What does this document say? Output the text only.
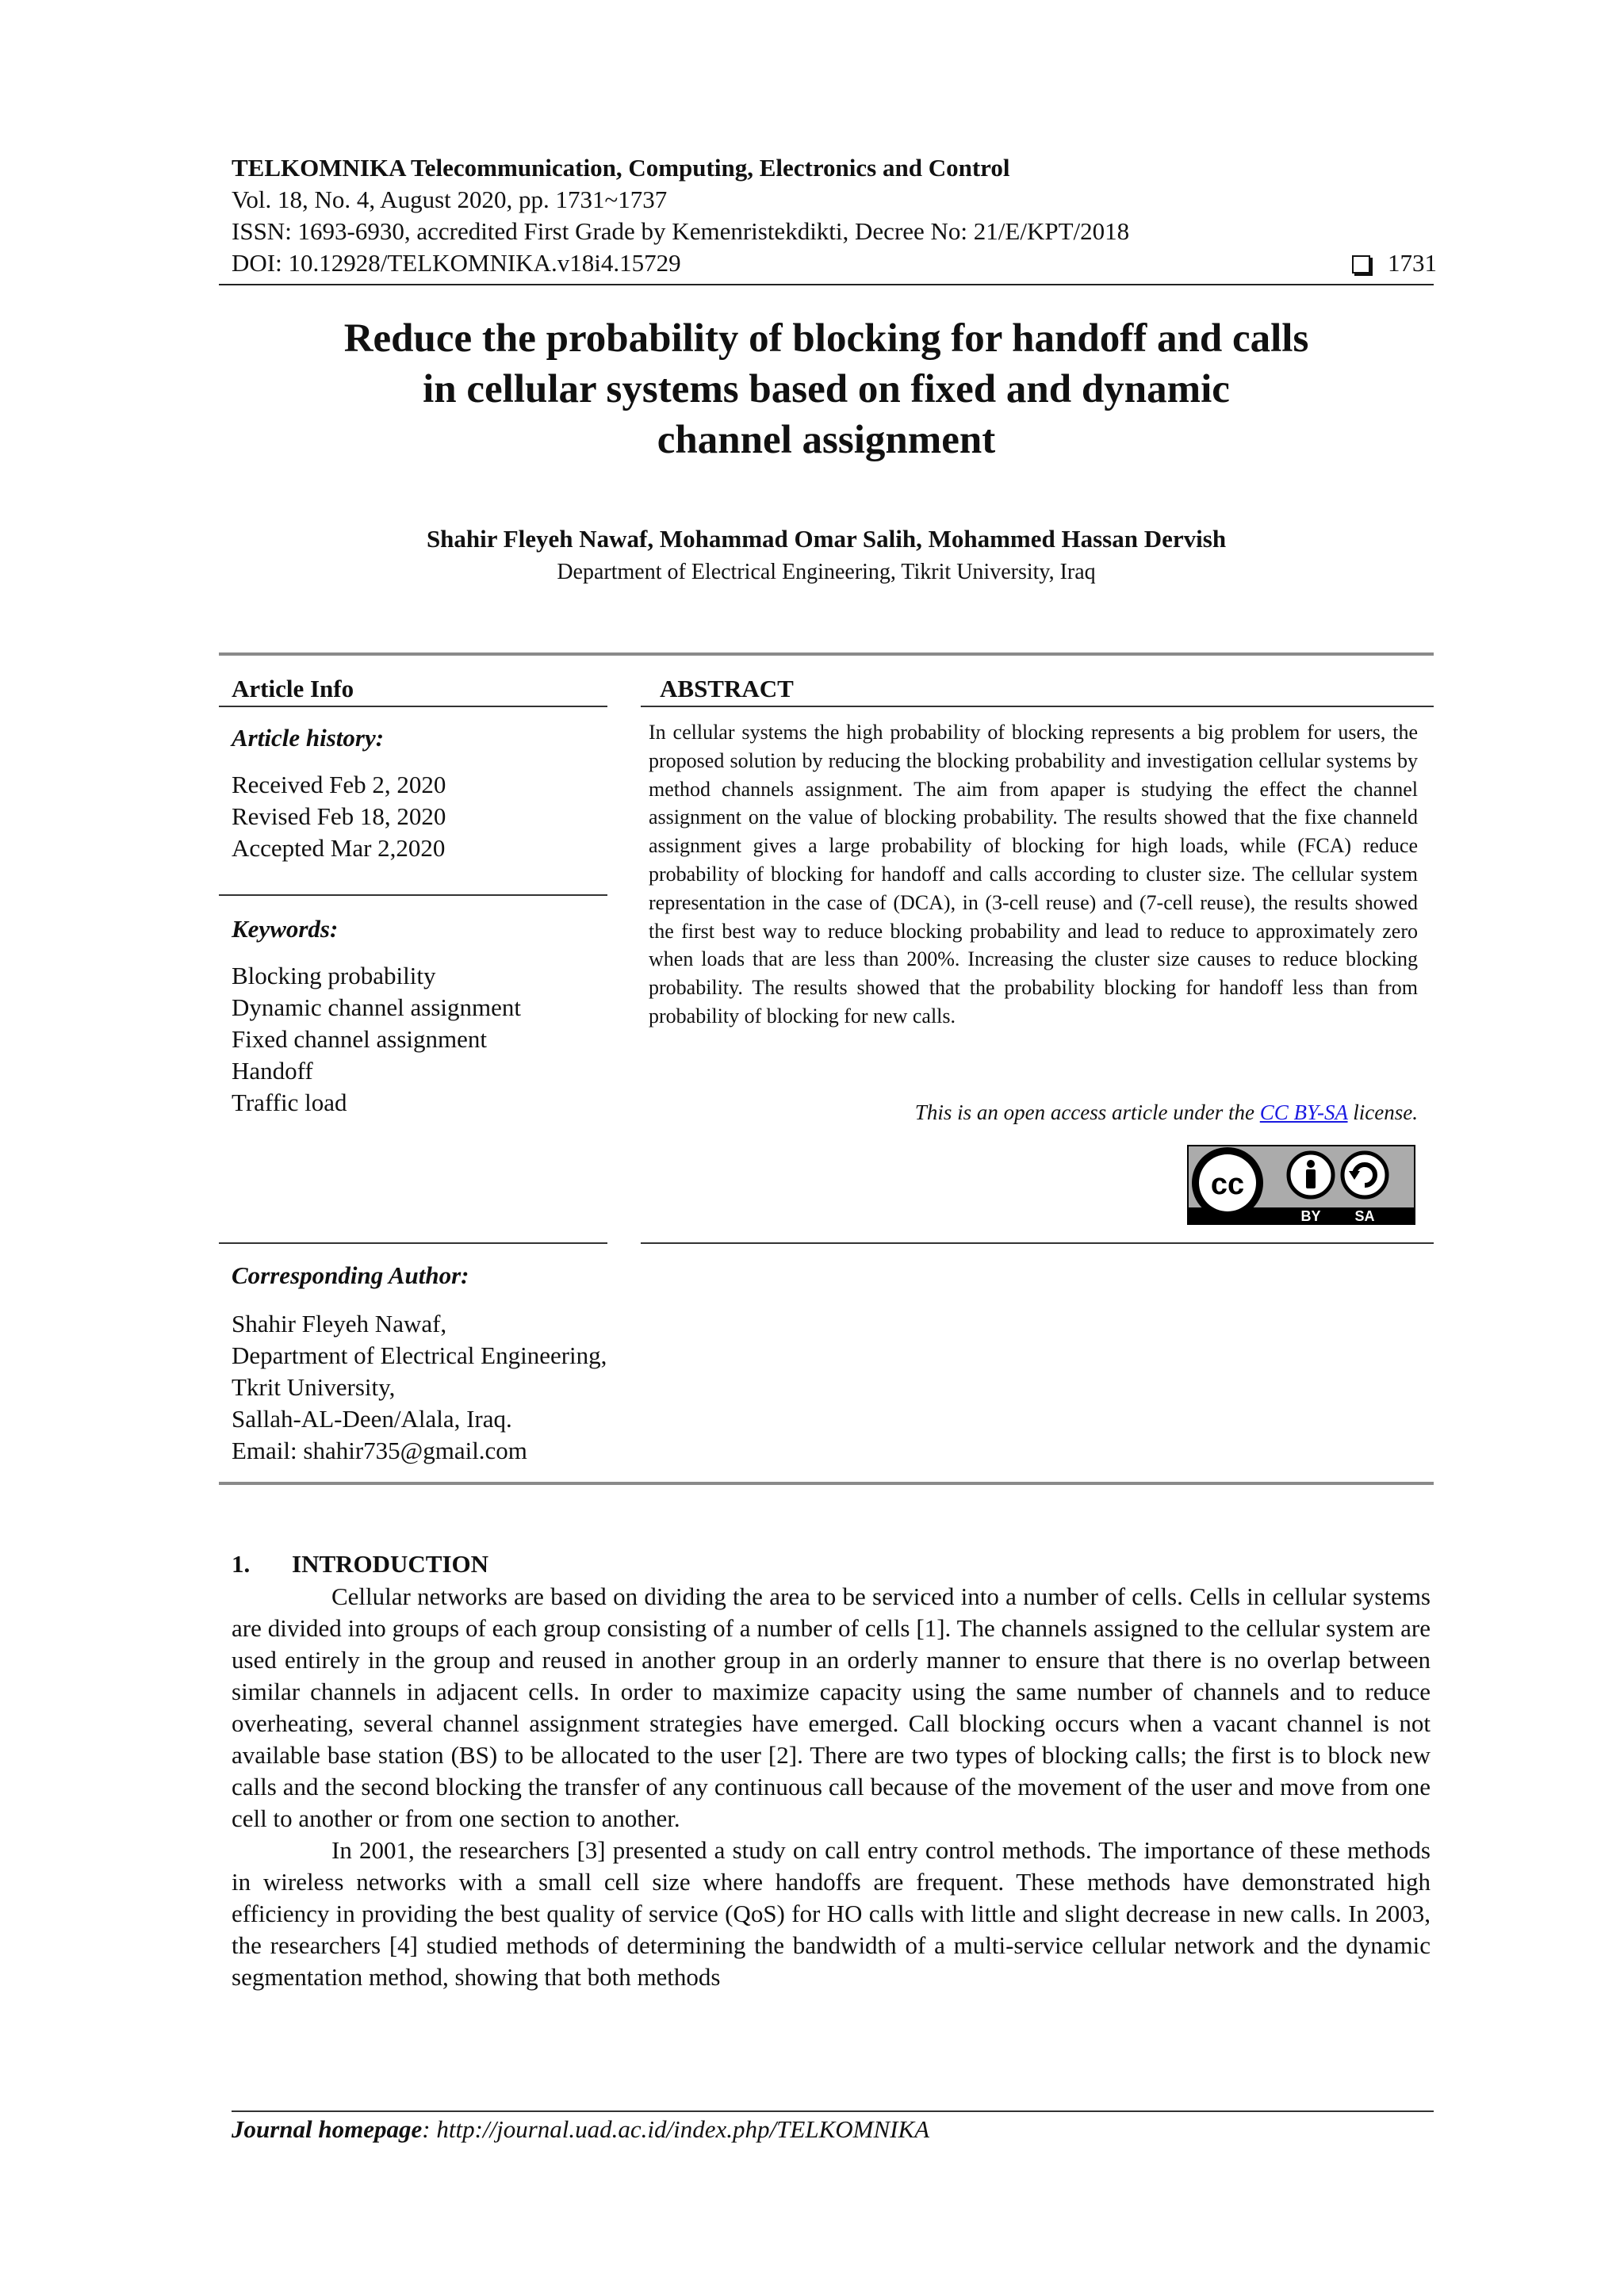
TELKOMNIKA Telecommunication, Computing, Electronics and Control
Vol. 18, No. 4, August 2020, pp. 1731~1737
ISSN: 1693-6930, accredited First Grade by Kemenristekdikti, Decree No: 21/E/KPT/2018
DOI: 10.12928/TELKOMNIKA.v18i4.15729	1731
Reduce the probability of blocking for handoff and calls
in cellular systems based on fixed and dynamic
channel assignment
Shahir Fleyeh Nawaf, Mohammad Omar Salih, Mohammed Hassan Dervish
Department of Electrical Engineering, Tikrit University, Iraq
Article Info	ABSTRACT
Article history:
Received Feb 2, 2020
Revised Feb 18, 2020
Accepted Mar 2,2020
Keywords:
Blocking probability
Dynamic channel assignment
Fixed channel assignment
Handoff
Traffic load
In cellular systems the high probability of blocking represents a big problem for users, the proposed solution by reducing the blocking probability and investigation cellular systems by method channels assignment. The aim from apaper is studying the effect the channel assignment on the value of blocking probability. The results showed that the fixe channeld assignment gives a large probability of blocking for high loads, while (FCA) reduce probability of blocking for handoff and calls according to cluster size. The cellular system representation in the case of (DCA), in (3-cell reuse) and (7-cell reuse), the results showed the first best way to reduce blocking probability and lead to reduce to approximately zero when loads that are less than 200%. Increasing the cluster size causes to reduce blocking probability. The results showed that the probability blocking for handoff less than from probability of blocking for new calls.
This is an open access article under the CC BY-SA license.
cc
BY SA
Corresponding Author:
Shahir Fleyeh Nawaf,
Department of Electrical Engineering,
Tkrit University,
Sallah-AL-Deen/Alala, Iraq.
Email: shahir735@gmail.com
1. INTRODUCTION

Cellular networks are based on dividing the area to be serviced into a number of cells. Cells in cellular systems are divided into groups of each group consisting of a number of cells [1]. The channels assigned to the cellular system are used entirely in the group and reused in another group in an orderly manner to ensure that there is no overlap between similar channels in adjacent cells. In order to maximize capacity using the same number of channels and to reduce overheating, several channel assignment strategies have emerged. Call blocking occurs when a vacant channel is not available base station (BS) to be allocated to the user [2]. There are two types of blocking calls; the first is to block new calls and the second blocking the transfer of any continuous call because of the movement of the user and move from one cell to another or from one section to another.

In 2001, the researchers [3] presented a study on call entry control methods. The importance of these methods in wireless networks with a small cell size where handoffs are frequent. These methods have demonstrated high efficiency in providing the best quality of service (QoS) for HO calls with little and slight decrease in new calls. In 2003, the researchers [4] studied methods of determining the bandwidth of a multi-service cellular network and the dynamic segmentation method, showing that both methods

Journal homepage: http://journal.uad.ac.id/index.php/TELKOMNIKA
